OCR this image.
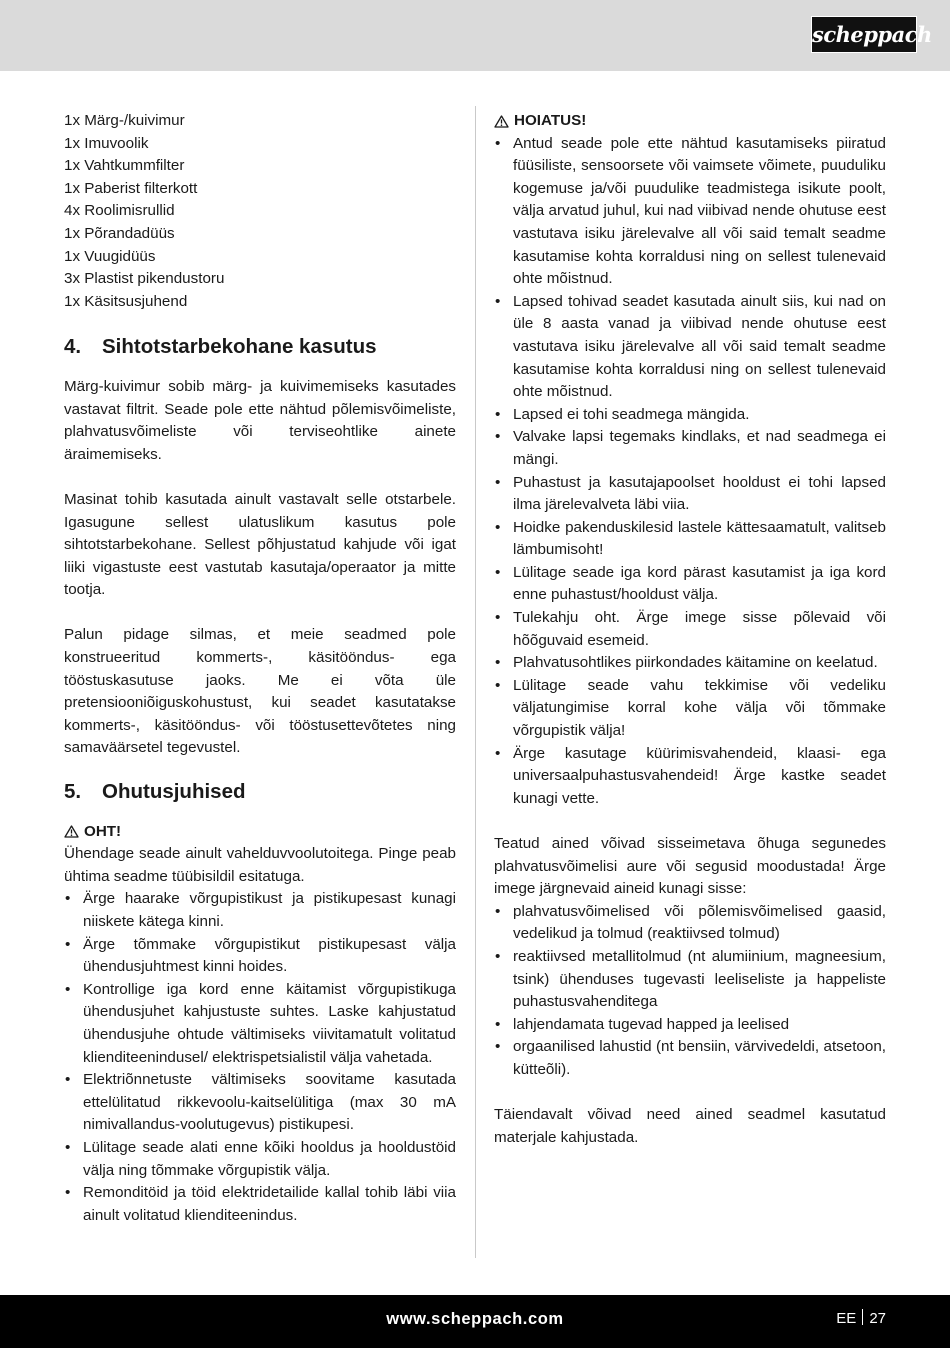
scheppach
1x Märg-/kuivimur
1x Imuvoolik
1x Vahtkummfilter
1x Paberist filterkott
4x Roolimisrullid
1x Põrandadüüs
1x Vuugidüüs
3x Plastist pikendustoru
1x Käsitsusjuhend
4.	Sihtotstarbekohane kasutus
Märg-kuivimur sobib märg- ja kuivimemiseks kasutades vastavat filtrit. Seade pole ette nähtud põlemisvõimeliste, plahvatusvõimeliste või terviseohtlike ainete äraimemiseks.
Masinat tohib kasutada ainult vastavalt selle otstarbele. Igasugune sellest ulatuslikum kasutus pole sihtotstarbekohane. Sellest põhjustatud kahjude või igat liiki vigastuste eest vastutab kasutaja/operaator ja mitte tootja.
Palun pidage silmas, et meie seadmed pole konstrueeritud kommerts-, käsitööndus- ega tööstuskasutuse jaoks. Me ei võta üle pretensiooniõiguskohustust, kui seadet kasutatakse kommerts-, käsitööndus- või tööstusettevõtetes ning samaväärsetel tegevustel.
5.	Ohutusjuhised
OHT!
Ühendage seade ainult vahelduvvoolutoitega. Pinge peab ühtima seadme tüübisildil esitatuga.
• Ärge haarake võrgupistikust ja pistikupesast kunagi niiskete kätega kinni.
• Ärge tõmmake võrgupistikut pistikupesast välja ühendusjuhtmest kinni hoides.
• Kontrollige iga kord enne käitamist võrgupistikuga ühendusjuhet kahjustuste suhtes. Laske kahjustatud ühendusjuhe ohtude vältimiseks viivitamatult volitatud klienditeenindusel/ elektrispetsialistil välja vahetada.
• Elektriõnnetuste vältimiseks soovitame kasutada ettelülitatud rikkevoolu-kaitselülitiga (max 30 mA nimivallandus-voolutugevus) pistikupesi.
• Lülitage seade alati enne kõiki hooldus ja hooldustöid välja ning tõmmake võrgupistik välja.
• Remonditöid ja töid elektridetailide kallal tohib läbi viia ainult volitatud klienditeenindus.
HOIATUS!
• Antud seade pole ette nähtud kasutamiseks piiratud füüsiliste, sensoorsete või vaimsete võimete, puuduliku kogemuse ja/või puudulike teadmistega isikute poolt, välja arvatud juhul, kui nad viibivad nende ohutuse eest vastutava isiku järelevalve all või said temalt seadme kasutamise kohta korraldusi ning on sellest tulenevaid ohte mõistnud.
• Lapsed tohivad seadet kasutada ainult siis, kui nad on üle 8 aasta vanad ja viibivad nende ohutuse eest vastutava isiku järelevalve all või said temalt seadme kasutamise kohta korraldusi ning on sellest tulenevaid ohte mõistnud.
• Lapsed ei tohi seadmega mängida.
• Valvake lapsi tegemaks kindlaks, et nad seadmega ei mängi.
• Puhastust ja kasutajapoolset hooldust ei tohi lapsed ilma järelevalveta läbi viia.
• Hoidke pakenduskilesid lastele kättesaamatult, valitseb lämbumisoht!
• Lülitage seade iga kord pärast kasutamist ja iga kord enne puhastust/hooldust välja.
• Tulekahju oht. Ärge imege sisse põlevaid või hõõguvaid esemeid.
• Plahvatusohtlikes piirkondades käitamine on keelatud.
• Lülitage seade vahu tekkimise või vedeliku väljatungimise korral kohe välja või tõmmake võrgupistik välja!
• Ärge kasutage küürimisvahendeid, klaasi- ega universaalpuhastusvahendeid! Ärge kastke seadet kunagi vette.
Teatud ained võivad sisseimetava õhuga segunedes plahvatusvõimelisi aure või segusid moodustada! Ärge imege järgnevaid aineid kunagi sisse:
• plahvatusvõimelised või põlemisvõimelised gaasid, vedelikud ja tolmud (reaktiivsed tolmud)
• reaktiivsed metallitolmud (nt alumiinium, magneesium, tsink) ühenduses tugevasti leeliseliste ja happeliste puhastusvahenditega
• lahjendamata tugevad happed ja leelised
• orgaanilised lahustid (nt bensiin, värvivedeldi, atsetoon, kütteõli).
Täiendavalt võivad need ained seadmel kasutatud materjale kahjustada.
www.scheppach.com	EE 27
